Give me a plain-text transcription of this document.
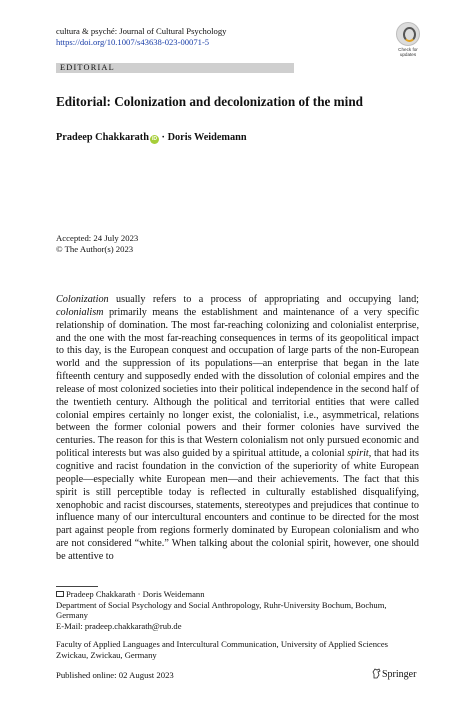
cultura & psyché: Journal of Cultural Psychology
https://doi.org/10.1007/s43638-023-00071-5
Check for
updates
EDITORIAL
Editorial: Colonization and decolonization of the mind
Pradeep Chakkarath iD · Doris Weidemann
Accepted: 24 July 2023
© The Author(s) 2023

Colonization usually refers to a process of appropriating and occupying land; colonialism primarily means the establishment and maintenance of a very specific relationship of domination. The most far-reaching colonizing and colonialist enterprise, and the one with the most far-reaching consequences in terms of its geopolitical impact to this day, is the European conquest and occupation of large parts of the non-European world and the suppression of its populations—an enterprise that began in the late fifteenth century and supposedly ended with the dissolution of colonial empires and the release of most colonized societies into their political independence in the second half of the twentieth century. Although the political and territorial entities that were called colonial empires certainly no longer exist, the colonialist, i.e., asymmetrical, relations between the former colonial powers and their former colonies have survived the centuries. The reason for this is that Western colonialism not only pursued economic and political interests but was also guided by a spiritual attitude, a colonial spirit, that had its cognitive and racist foundation in the conviction of the superiority of white European people—especially white European men—and their achievements. The fact that this spirit is still perceptible today is reflected in culturally established disqualifying, xenophobic and racist discourses, statements, stereotypes and prejudices that continue to influence many of our intercultural encounters and continue to be directed for the most part against people from regions formerly dominated by European colonialism and who are not considered “white.” When talking about the colonial spirit, however, one should be attentive to

Pradeep Chakkarath · Doris Weidemann
Department of Social Psychology and Social Anthropology, Ruhr-University Bochum, Bochum,
Germany
E-Mail: pradeep.chakkarath@rub.de
Faculty of Applied Languages and Intercultural Communication, University of Applied Sciences
Zwickau, Zwickau, Germany
Published online: 02 August 2023	Springer
